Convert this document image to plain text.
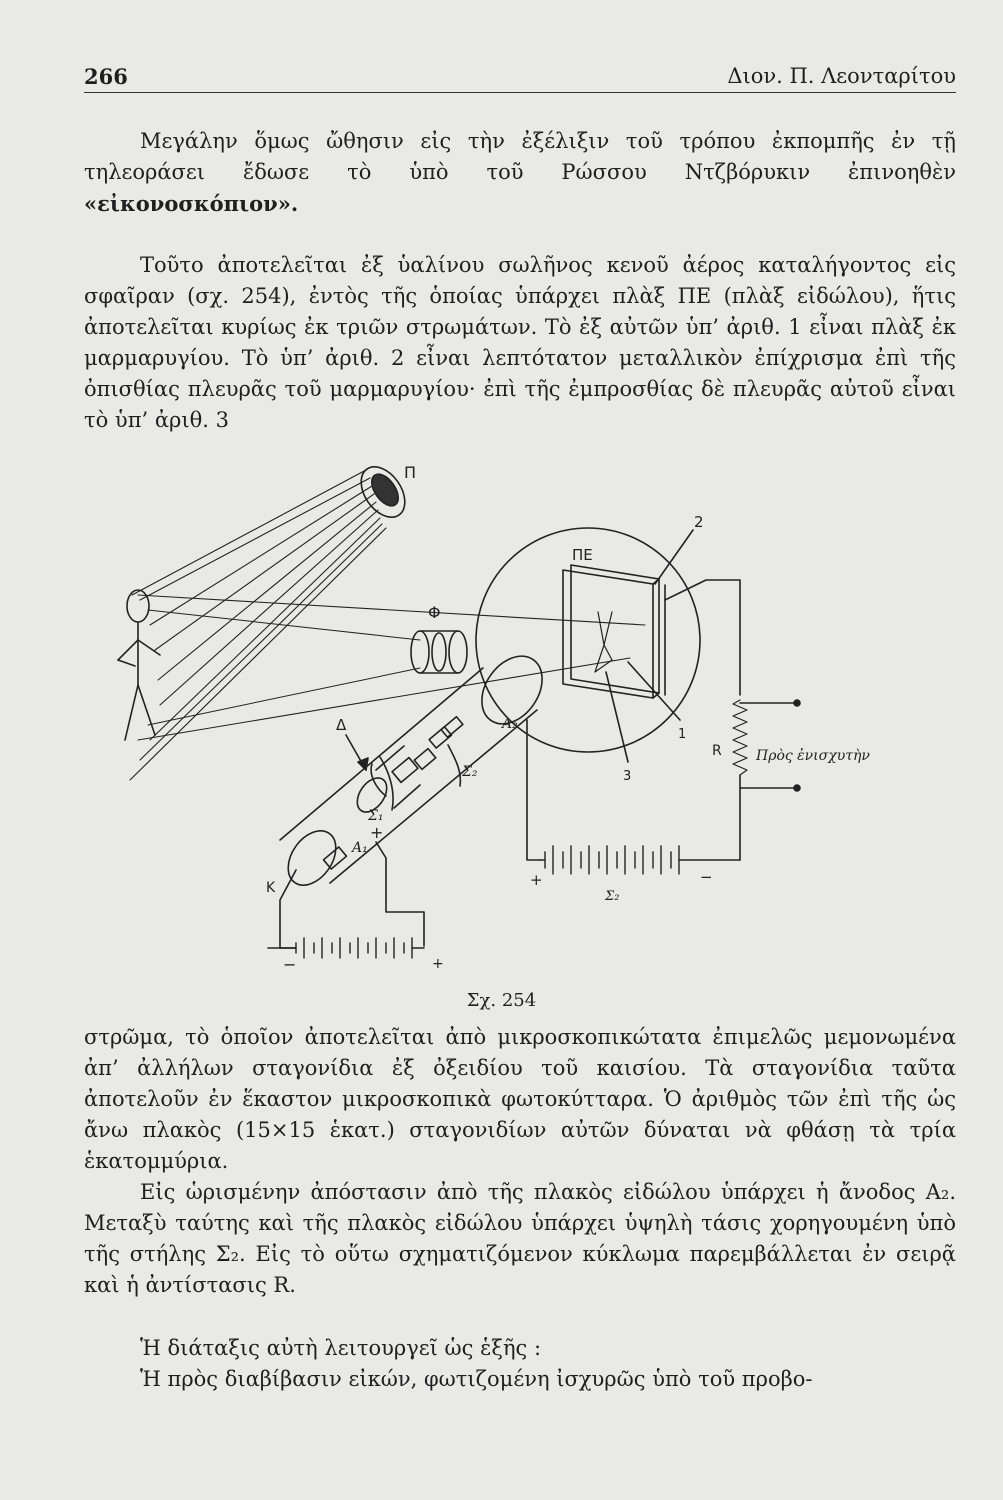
266	Διον. Π. Λεονταρίτου

Μεγάλην ὅμως ὤθησιν εἰς τὴν ἐξέλιξιν τοῦ τρόπου ἐκπομπῆς ἐν τῇ τηλεοράσει ἔδωσε τὸ ὑπὸ τοῦ Ρώσσου Ντζβόρυκιν ἐπινοηθὲν «εἰκονοσκόπιον».

Τοῦτο ἀποτελεῖται ἐξ ὑαλίνου σωλῆνος κενοῦ ἀέρος καταλήγοντος εἰς σφαῖραν (σχ. 254), ἐντὸς τῆς ὁποίας ὑπάρχει πλὰξ ΠΕ (πλὰξ εἰδώλου), ἥτις ἀποτελεῖται κυρίως ἐκ τριῶν στρωμάτων. Τὸ ἐξ αὐτῶν ὑπ’ ἀριθ. 1 εἶναι πλὰξ ἐκ μαρμαρυγίου. Τὸ ὑπ’ ἀριθ. 2 εἶναι λεπτότατον μεταλλικὸν ἐπίχρισμα ἐπὶ τῆς ὀπισθίας πλευρᾶς τοῦ μαρμαρυγίου· ἐπὶ τῆς ἐμπροσθίας δὲ πλευρᾶς αὐτοῦ εἶναι τὸ ὑπ’ ἀριθ. 3

Π
ΠΕ
Φ
2
1
3
R Πρὸς ἐνισχυτὴν
Δ	A₂
Σ₂
Σ₁
A₁
+
K	+	−
Σ₂
−	+
Σχ. 254

στρῶμα, τὸ ὁποῖον ἀποτελεῖται ἀπὸ μικροσκοπικώτατα ἐπιμελῶς μεμονωμένα ἀπ’ ἀλλήλων σταγονίδια ἐξ ὀξειδίου τοῦ καισίου. Τὰ σταγονίδια ταῦτα ἀποτελοῦν ἐν ἕκαστον μικροσκοπικὰ φωτοκύτταρα. Ὁ ἀριθμὸς τῶν ἐπὶ τῆς ὡς ἄνω πλακὸς (15×15 ἑκατ.) σταγονιδίων αὐτῶν δύναται νὰ φθάσῃ τὰ τρία ἑκατομμύρια.

Εἰς ὡρισμένην ἀπόστασιν ἀπὸ τῆς πλακὸς εἰδώλου ὑπάρχει ἡ ἄνοδος Α₂. Μεταξὺ ταύτης καὶ τῆς πλακὸς εἰδώλου ὑπάρχει ὑψηλὴ τάσις χορηγουμένη ὑπὸ τῆς στήλης Σ₂. Εἰς τὸ οὕτω σχηματιζόμενον κύκλωμα παρεμβάλλεται ἐν σειρᾷ καὶ ἡ ἀντίστασις R.

Ἡ διάταξις αὐτὴ λειτουργεῖ ὡς ἑξῆς :

Ἡ πρὸς διαβίβασιν εἰκών, φωτιζομένη ἰσχυρῶς ὑπὸ τοῦ προβο-
